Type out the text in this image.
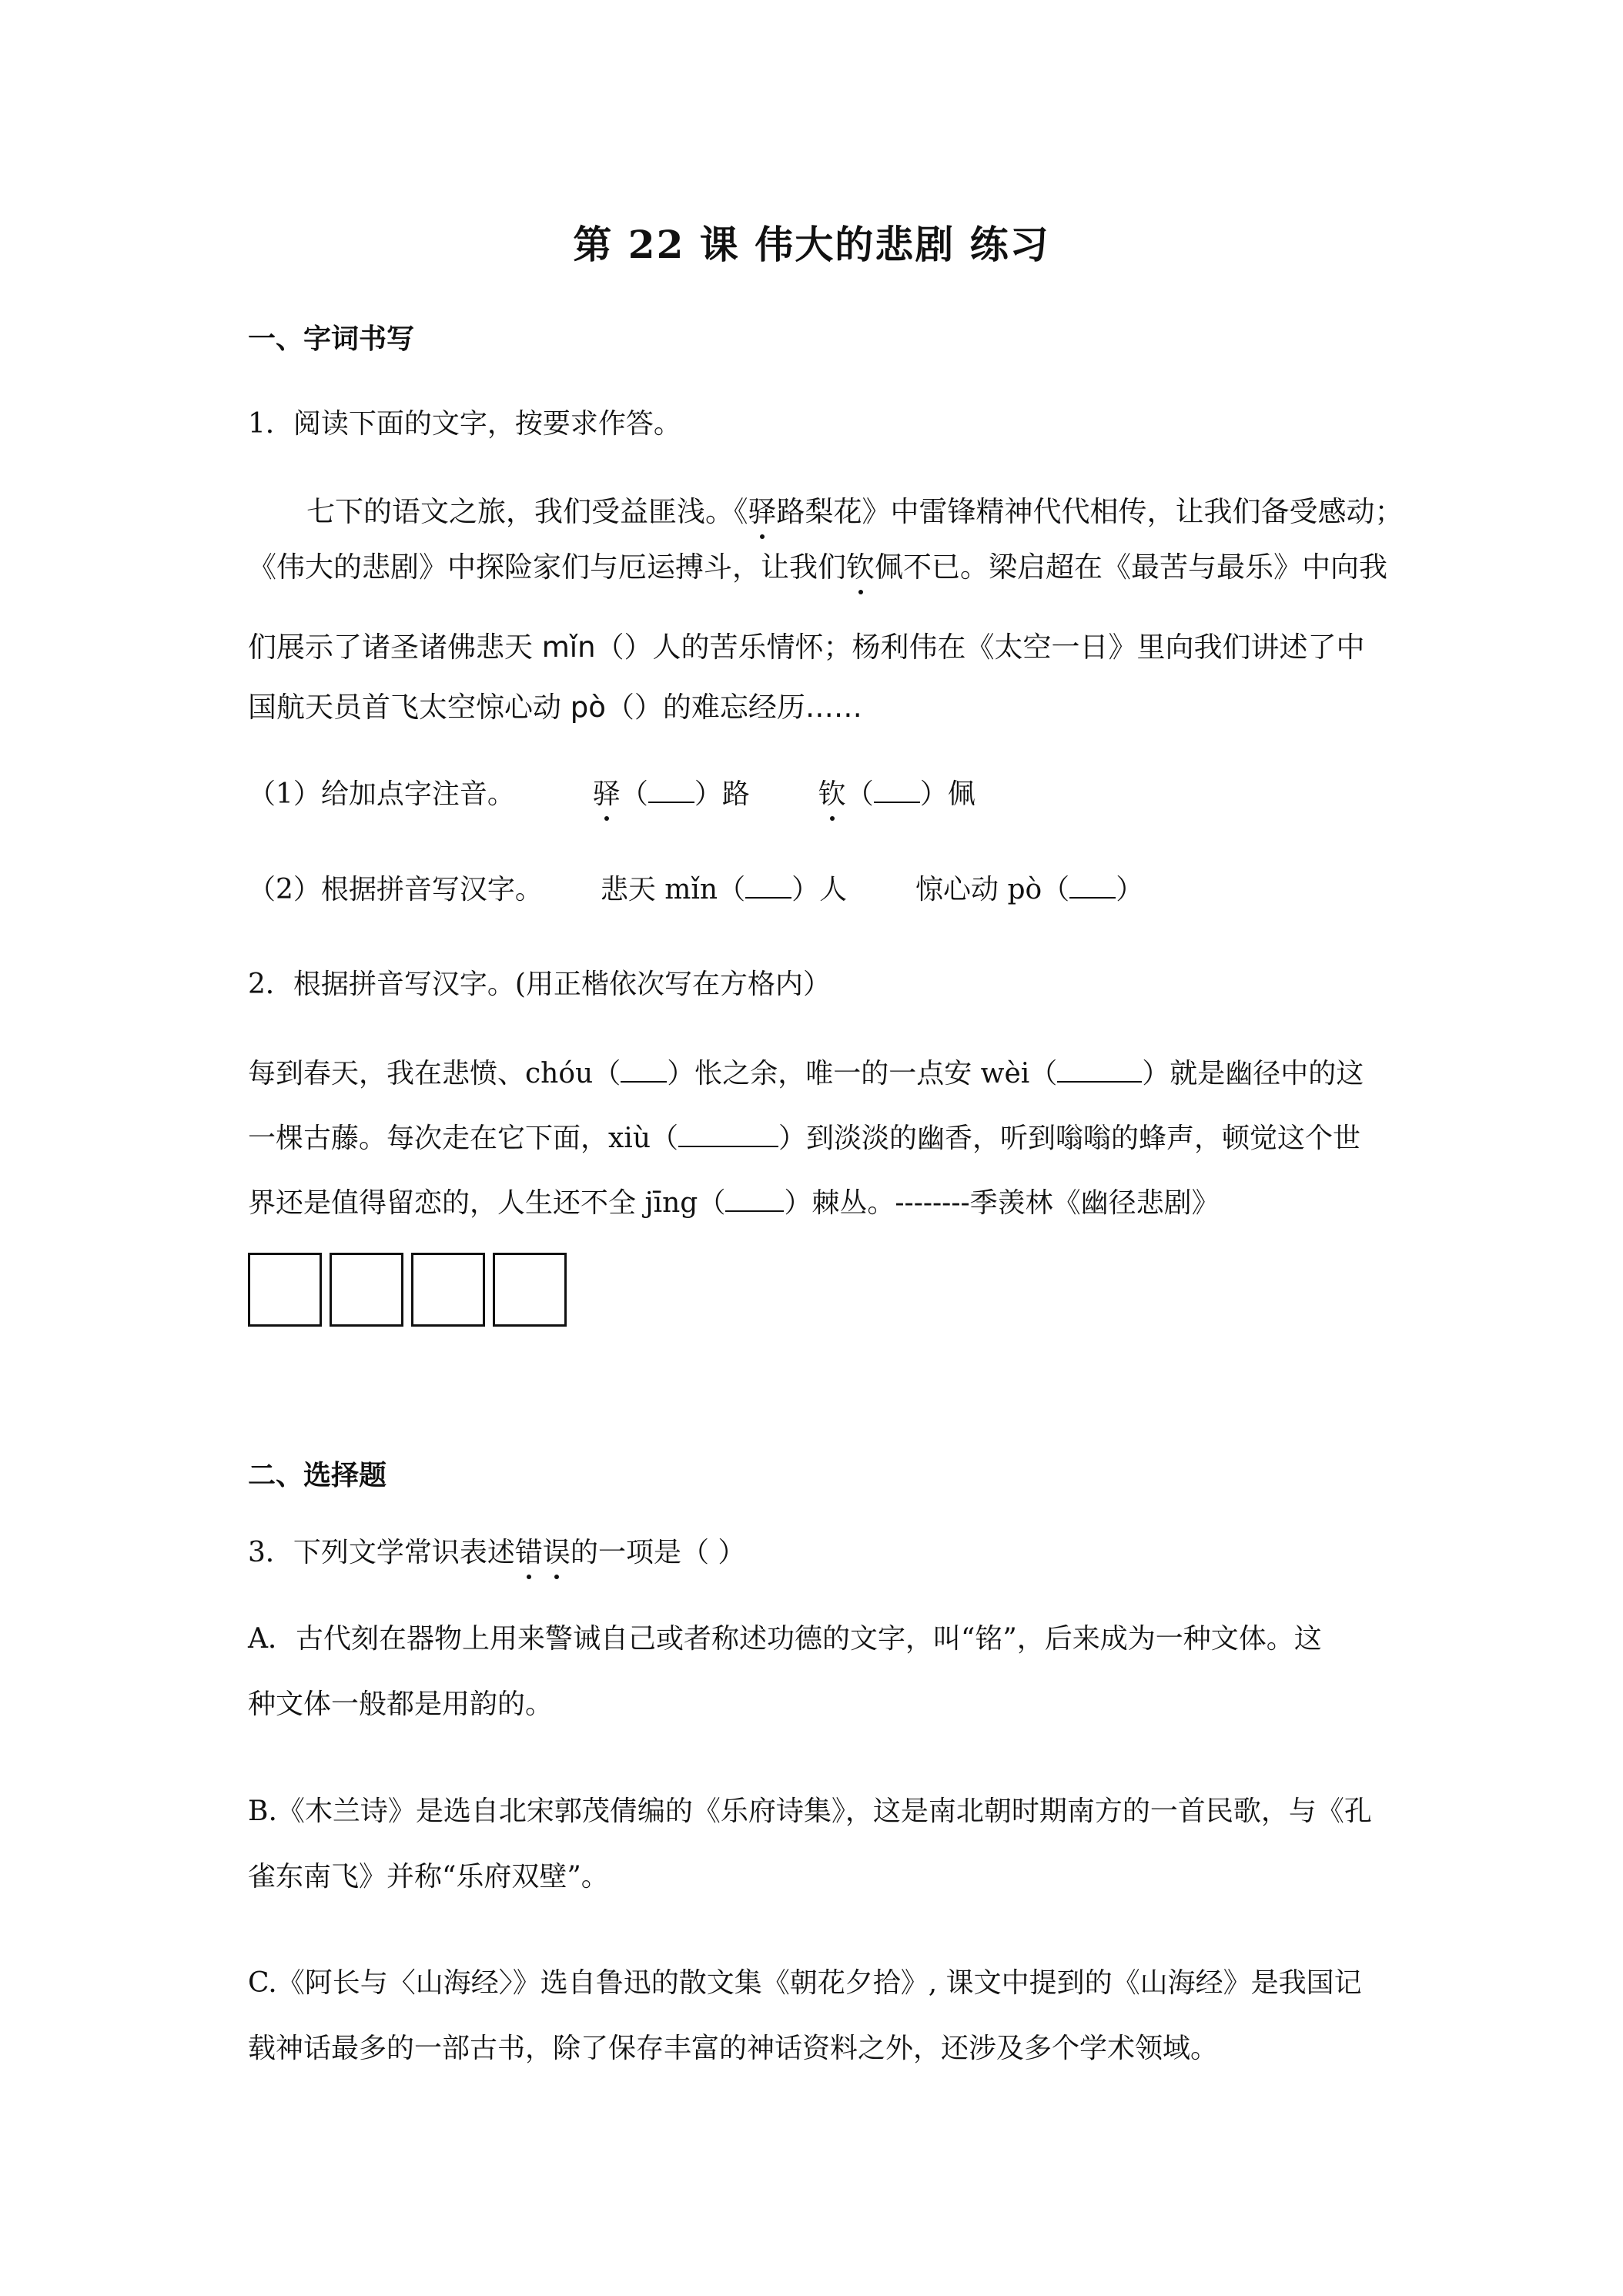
第 22 课 伟大的悲剧 练习
一、字词书写
1．阅读下面的文字，按要求作答。
七下的语文之旅，我们受益匪浅。《驿路梨花》中雷锋精神代代相传，让我们备受感动；
《伟大的悲剧》中探险家们与厄运搏斗，让我们钦佩不已。梁启超在《最苦与最乐》中向我
们展示了诸圣诸佛悲天 mǐn（）人的苦乐情怀；杨利伟在《太空一日》里向我们讲述了中
国航天员首飞太空惊心动 pò（）的难忘经历……
（1）给加点字注音。	驿（ ）路 钦（ ）佩
（2）根据拼音写汉字。 悲天 mǐn（ ）人 惊心动 pò（ ）
2．根据拼音写汉字。(用正楷依次写在方格内）
每到春天，我在悲愤、chóu（ ）怅之余，唯一的一点安 wèi（	）就是幽径中的这
一棵古藤。每次走在它下面，xiù（	）到淡淡的幽香，听到嗡嗡的蜂声，顿觉这个世
界还是值得留恋的，人生还不全 jīng（ ）棘丛。--------季羡林《幽径悲剧》
二、选择题
3．下列文学常识表述错误的一项是（ ）
A．古代刻在器物上用来警诫自己或者称述功德的文字，叫“铭”，后来成为一种文体。这
种文体一般都是用韵的。
B.《木兰诗》是选自北宋郭茂倩编的《乐府诗集》，这是南北朝时期南方的一首民歌，与《孔
雀东南飞》并称“乐府双壁”。
C.《阿长与〈山海经〉》选自鲁迅的散文集《朝花夕拾》, 课文中提到的《山海经》是我国记
载神话最多的一部古书，除了保存丰富的神话资料之外，还涉及多个学术领域。
